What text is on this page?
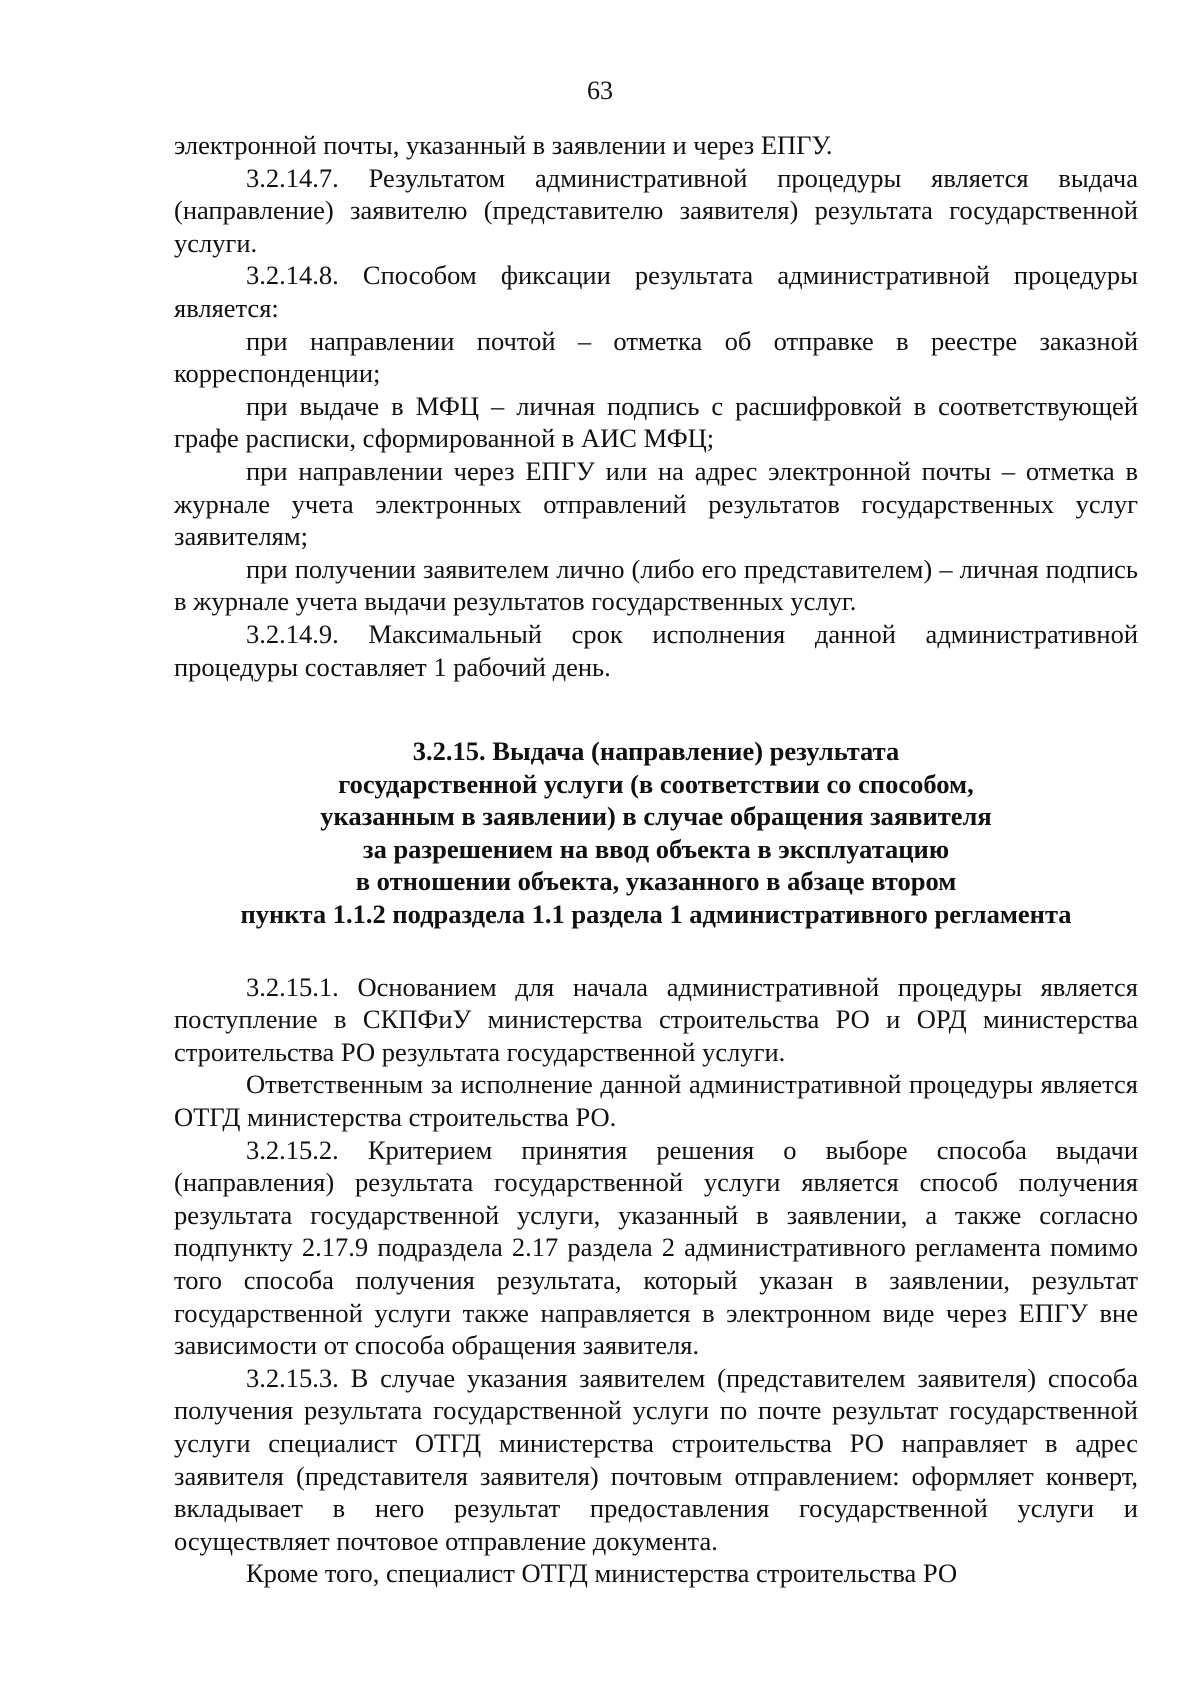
63

электронной почты, указанный в заявлении и через ЕПГУ.

3.2.14.7. Результатом административной процедуры является выдача (направление) заявителю (представителю заявителя) результата государственной услуги.

3.2.14.8. Способом фиксации результата административной процедуры является:

при направлении почтой – отметка об отправке в реестре заказной корреспонденции;

при выдаче в МФЦ – личная подпись с расшифровкой в соответствующей графе расписки, сформированной в АИС МФЦ;

при направлении через ЕПГУ или на адрес электронной почты – отметка в журнале учета электронных отправлений результатов государственных услуг заявителям;

при получении заявителем лично (либо его представителем) – личная подпись в журнале учета выдачи результатов государственных услуг.

3.2.14.9. Максимальный срок исполнения данной административной процедуры составляет 1 рабочий день.

3.2.15. Выдача (направление) результата
государственной услуги (в соответствии со способом,
указанным в заявлении) в случае обращения заявителя
за разрешением на ввод объекта в эксплуатацию
в отношении объекта, указанного в абзаце втором
пункта 1.1.2 подраздела 1.1 раздела 1 административного регламента

3.2.15.1. Основанием для начала административной процедуры является поступление в СКПФиУ министерства строительства РО и ОРД министерства строительства РО результата государственной услуги.

Ответственным за исполнение данной административной процедуры является ОТГД министерства строительства РО.

3.2.15.2. Критерием принятия решения о выборе способа выдачи (направления) результата государственной услуги является способ получения результата государственной услуги, указанный в заявлении, а также согласно подпункту 2.17.9 подраздела 2.17 раздела 2 административного регламента помимо того способа получения результата, который указан в заявлении, результат государственной услуги также направляется в электронном виде через ЕПГУ вне зависимости от способа обращения заявителя.

3.2.15.3. В случае указания заявителем (представителем заявителя) способа получения результата государственной услуги по почте результат государственной услуги специалист ОТГД министерства строительства РО направляет в адрес заявителя (представителя заявителя) почтовым отправлением: оформляет конверт, вкладывает в него результат предоставления государственной услуги и осуществляет почтовое отправление документа.

Кроме того, специалист ОТГД министерства строительства РО
